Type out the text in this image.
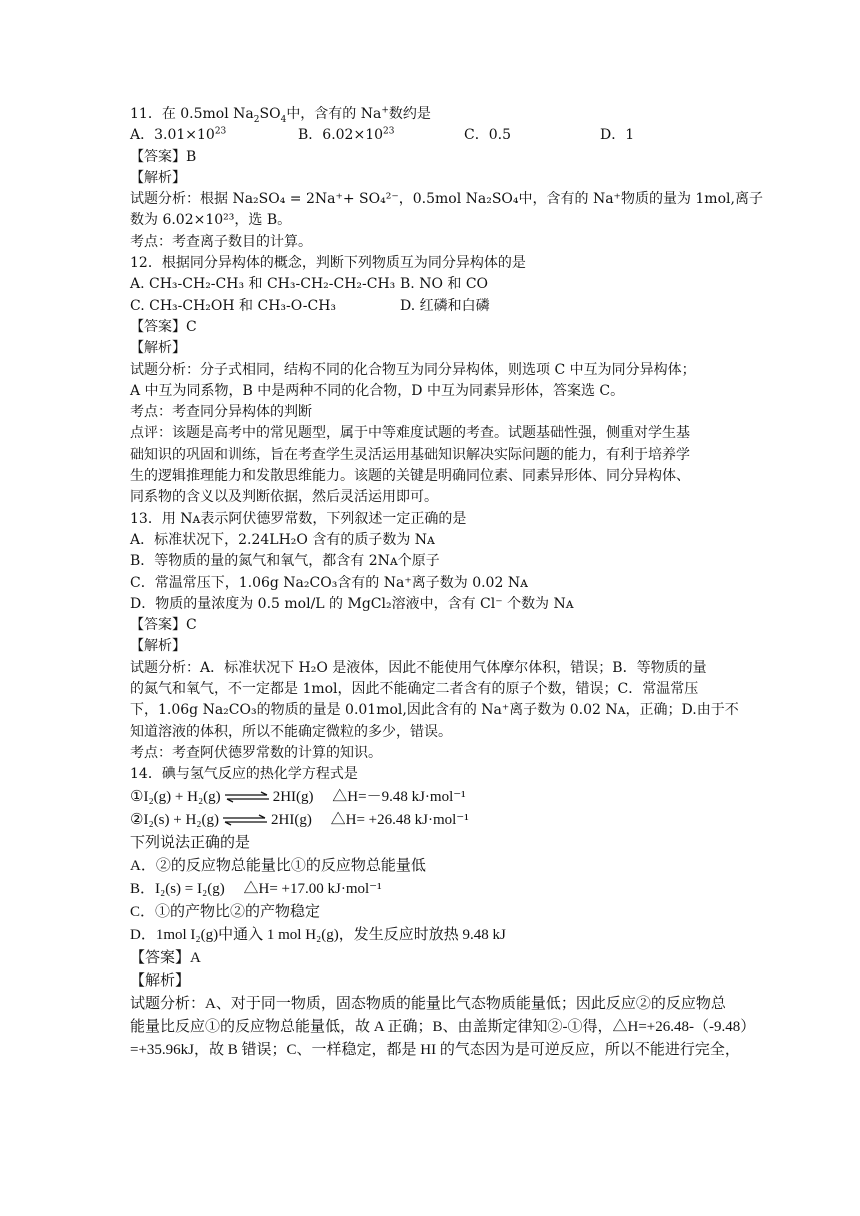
11．在 0.5mol $Na_2SO_4$中，含有的 Na+数约是
A．$3.01\times 10^{23}$	B．$6.02\times 10^{23}$	C．0.5	D．1
【答案】B
【解析】
试题分析：根据 Na₂SO₄ = 2Na⁺+ SO₄²⁻，0.5mol Na₂SO₄中，含有的 Na⁺物质的量为 1mol,离子
数为 6.02×10²³，选 B。
考点：考查离子数目的计算。
12．根据同分异构体的概念，判断下列物质互为同分异构体的是
A. CH₃-CH₂-CH₃ 和 CH₃-CH₂-CH₂-CH₃ B. NO 和 CO
C. CH₃-CH₂OH 和 CH₃-O-CH₃	D. 红磷和白磷
【答案】C
【解析】
试题分析：分子式相同，结构不同的化合物互为同分异构体，则选项 C 中互为同分异构体；
A 中互为同系物，B 中是两种不同的化合物，D 中互为同素异形体，答案选 C。
考点：考查同分异构体的判断
点评：该题是高考中的常见题型，属于中等难度试题的考查。试题基础性强，侧重对学生基
础知识的巩固和训练，旨在考查学生灵活运用基础知识解决实际问题的能力，有利于培养学
生的逻辑推理能力和发散思维能力。该题的关键是明确同位素、同素异形体、同分异构体、
同系物的含义以及判断依据，然后灵活运用即可。
13．用 Nᴀ表示阿伏德罗常数，下列叙述一定正确的是
A．标准状况下，2.24LH₂O 含有的质子数为 Nᴀ
B．等物质的量的氮气和氧气，都含有 2Nᴀ个原子
C．常温常压下，1.06g Na₂CO₃含有的 Na⁺离子数为 0.02 Nᴀ
D．物质的量浓度为 0.5 mol/L 的 MgCl₂溶液中，含有 Cl⁻ 个数为 Nᴀ
【答案】C
【解析】
试题分析：A．标准状况下 H₂O 是液体，因此不能使用气体摩尔体积，错误；B．等物质的量
的氮气和氧气，不一定都是 1mol，因此不能确定二者含有的原子个数，错误；C．常温常压
下，1.06g Na₂CO₃的物质的量是 0.01mol,因此含有的 Na⁺离子数为 0.02 Nᴀ，正确；D.由于不
知道溶液的体积，所以不能确定微粒的多少，错误。
考点：考查阿伏德罗常数的计算的知识。
14．碘与氢气反应的热化学方程式是
①I₂(g) + H₂(g) ⇌ 2HI(g)　 △H=－9.48 kJ·mol⁻¹
②I₂(s) + H₂(g) ⇌ 2HI(g)　 △H= +26.48 kJ·mol⁻¹
下列说法正确的是
A．②的反应物总能量比①的反应物总能量低
B．I₂(s) = I₂(g)　 △H= +17.00 kJ·mol⁻¹
C．①的产物比②的产物稳定
D．1mol I₂(g)中通入 1 mol H₂(g)，发生反应时放热 9.48 kJ
【答案】A
【解析】
试题分析：A、对于同一物质，固态物质的能量比气态物质能量低；因此反应②的反应物总
能量比反应①的反应物总能量低，故 A 正确；B、由盖斯定律知②-①得，△H=+26.48-（-9.48）
=+35.96kJ，故 B 错误；C、一样稳定，都是 HI 的气态因为是可逆反应，所以不能进行完全，
